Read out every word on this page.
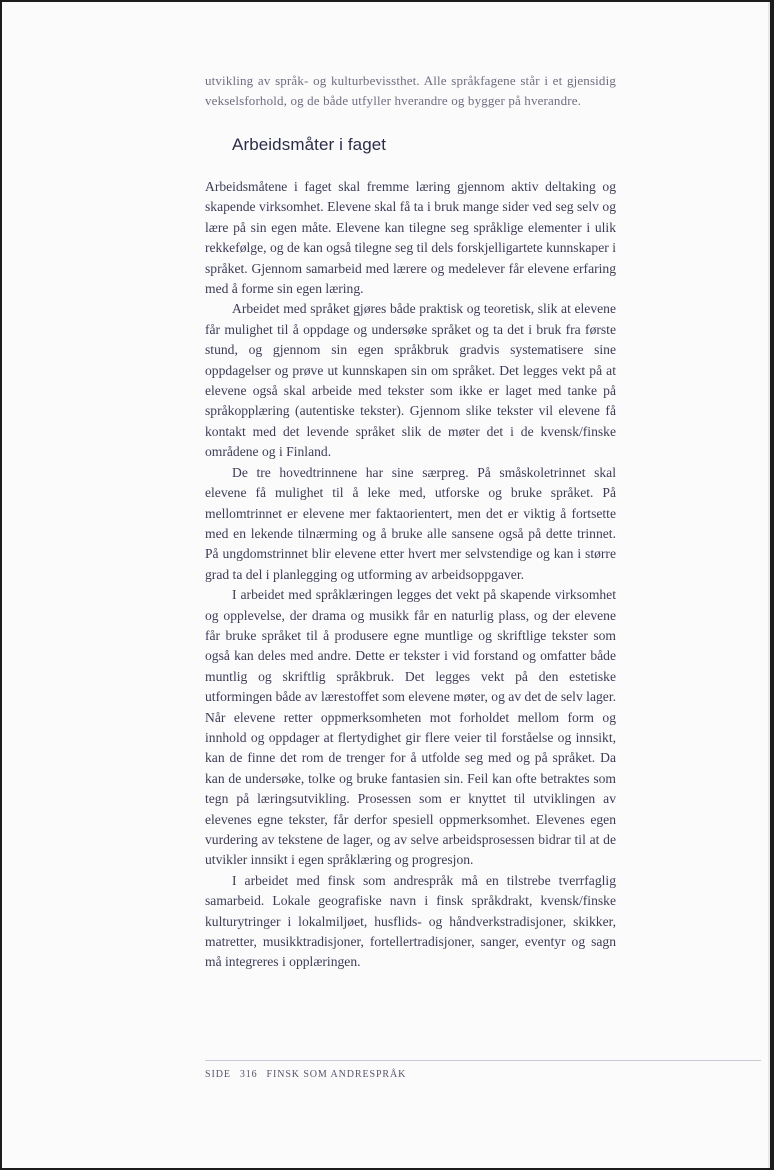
utvikling av språk- og kulturbevissthet. Alle språkfagene står i et gjensidig vekselsforhold, og de både utfyller hverandre og bygger på hverandre.

Arbeidsmåter i faget

Arbeidsmåtene i faget skal fremme læring gjennom aktiv deltaking og skapende virksomhet. Elevene skal få ta i bruk mange sider ved seg selv og lære på sin egen måte. Elevene kan tilegne seg språklige elementer i ulik rekkefølge, og de kan også tilegne seg til dels forskjelligartete kunnskaper i språket. Gjennom samarbeid med lærere og medelever får elevene erfaring med å forme sin egen læring.

Arbeidet med språket gjøres både praktisk og teoretisk, slik at elevene får mulighet til å oppdage og undersøke språket og ta det i bruk fra første stund, og gjennom sin egen språkbruk gradvis systematisere sine oppdagelser og prøve ut kunnskapen sin om språket. Det legges vekt på at elevene også skal arbeide med tekster som ikke er laget med tanke på språkopplæring (autentiske tekster). Gjennom slike tekster vil elevene få kontakt med det levende språket slik de møter det i de kvensk/finske områdene og i Finland.

De tre hovedtrinnene har sine særpreg. På småskoletrinnet skal elevene få mulighet til å leke med, utforske og bruke språket. På mellomtrinnet er elevene mer faktaorientert, men det er viktig å fortsette med en lekende tilnærming og å bruke alle sansene også på dette trinnet. På ungdomstrinnet blir elevene etter hvert mer selvstendige og kan i større grad ta del i planlegging og utforming av arbeidsoppgaver.

I arbeidet med språklæringen legges det vekt på skapende virksomhet og opplevelse, der drama og musikk får en naturlig plass, og der elevene får bruke språket til å produsere egne muntlige og skriftlige tekster som også kan deles med andre. Dette er tekster i vid forstand og omfatter både muntlig og skriftlig språkbruk. Det legges vekt på den estetiske utformingen både av lærestoffet som elevene møter, og av det de selv lager. Når elevene retter oppmerksomheten mot forholdet mellom form og innhold og oppdager at flertydighet gir flere veier til forståelse og innsikt, kan de finne det rom de trenger for å utfolde seg med og på språket. Da kan de undersøke, tolke og bruke fantasien sin. Feil kan ofte betraktes som tegn på læringsutvikling. Prosessen som er knyttet til utviklingen av elevenes egne tekster, får derfor spesiell oppmerksomhet. Elevenes egen vurdering av tekstene de lager, og av selve arbeidsprosessen bidrar til at de utvikler innsikt i egen språklæring og progresjon.

I arbeidet med finsk som andrespråk må en tilstrebe tverrfaglig samarbeid. Lokale geografiske navn i finsk språkdrakt, kvensk/finske kulturytringer i lokalmiljøet, husflids- og håndverkstradisjoner, skikker, matretter, musikktradisjoner, fortellertradisjoner, sanger, eventyr og sagn må integreres i opplæringen.

SIDE 316 FINSK SOM ANDRESPRÅK
